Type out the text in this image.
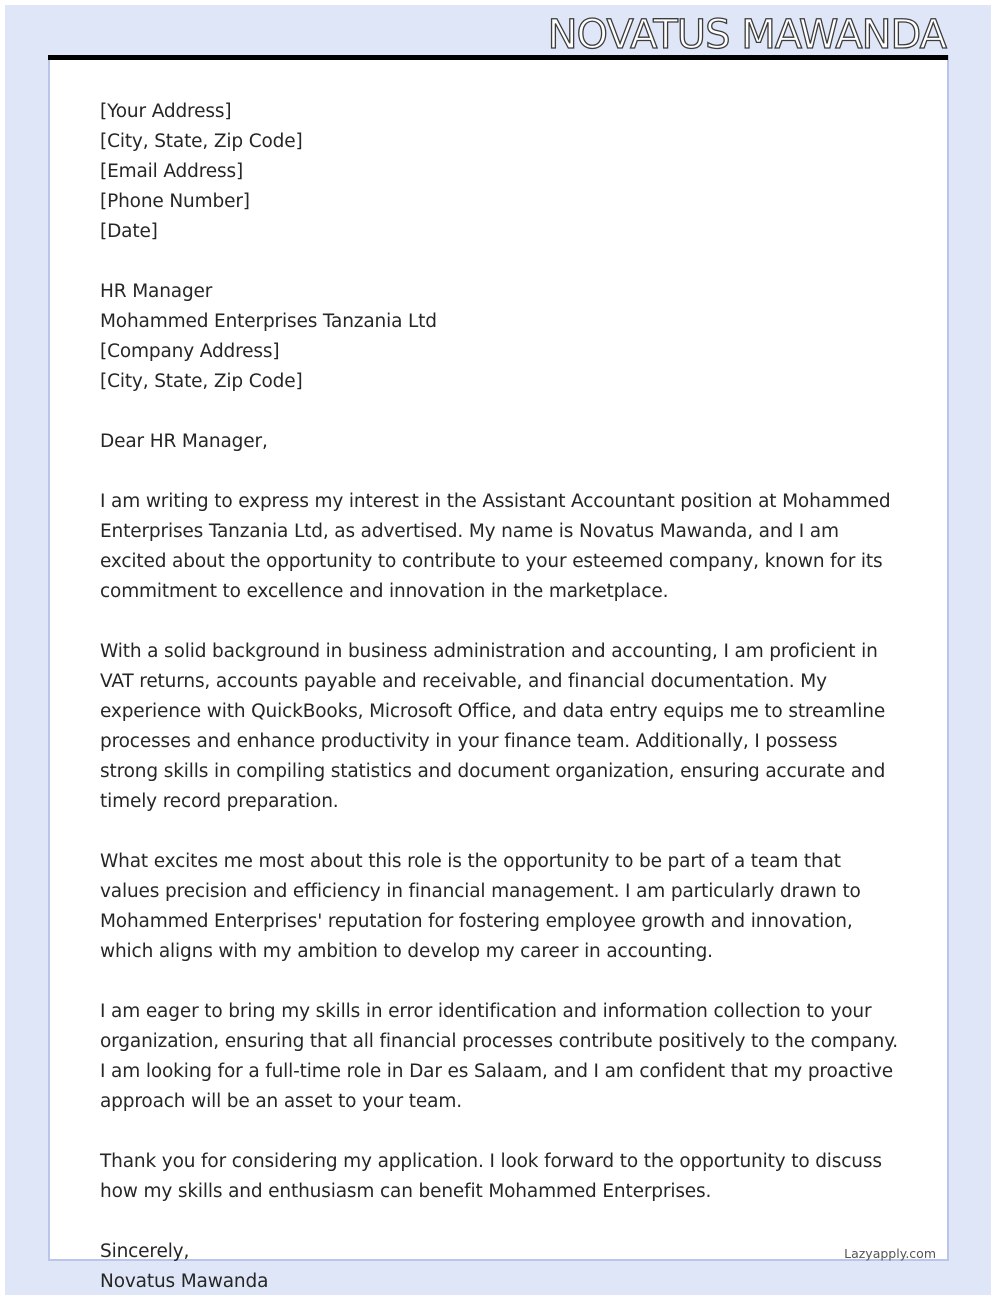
NOVATUS MAWANDA
[Your Address]
[City, State, Zip Code]
[Email Address]
[Phone Number]
[Date]
HR Manager
Mohammed Enterprises Tanzania Ltd
[Company Address]
[City, State, Zip Code]

Dear HR Manager,

I am writing to express my interest in the Assistant Accountant position at Mohammed Enterprises Tanzania Ltd, as advertised. My name is Novatus Mawanda, and I am excited about the opportunity to contribute to your esteemed company, known for its commitment to excellence and innovation in the marketplace.

With a solid background in business administration and accounting, I am proficient in VAT returns, accounts payable and receivable, and financial documentation. My experience with QuickBooks, Microsoft Office, and data entry equips me to streamline processes and enhance productivity in your finance team. Additionally, I possess strong skills in compiling statistics and document organization, ensuring accurate and timely record preparation.

What excites me most about this role is the opportunity to be part of a team that values precision and efficiency in financial management. I am particularly drawn to Mohammed Enterprises' reputation for fostering employee growth and innovation, which aligns with my ambition to develop my career in accounting.

I am eager to bring my skills in error identification and information collection to your organization, ensuring that all financial processes contribute positively to the company. I am looking for a full-time role in Dar es Salaam, and I am confident that my proactive approach will be an asset to your team.

Thank you for considering my application. I look forward to the opportunity to discuss how my skills and enthusiasm can benefit Mohammed Enterprises.

Sincerely,
Novatus Mawanda
Lazyapply.com
